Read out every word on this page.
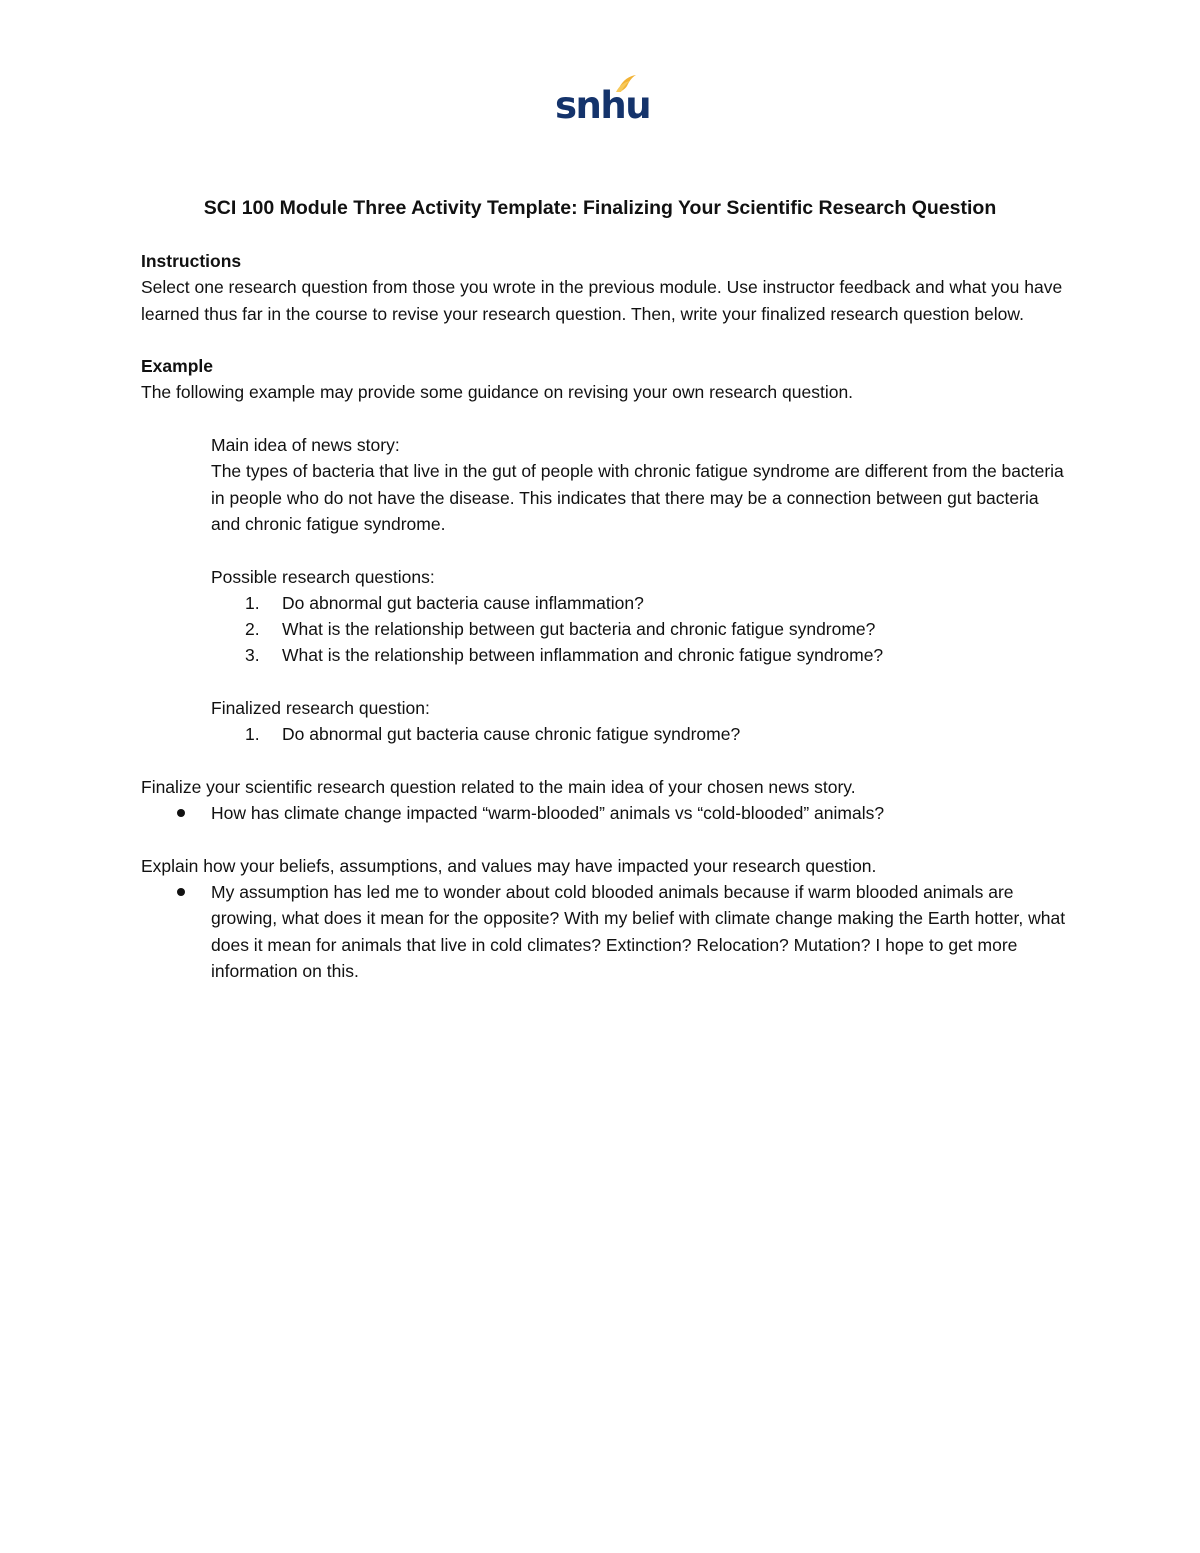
snhu
SCI 100 Module Three Activity Template: Finalizing Your Scientific Research Question

Instructions

Select one research question from those you wrote in the previous module. Use instructor feedback and what you have learned thus far in the course to revise your research question. Then, write your finalized research question below.

Example

The following example may provide some guidance on revising your own research question.

Main idea of news story:

The types of bacteria that live in the gut of people with chronic fatigue syndrome are different from the bacteria in people who do not have the disease. This indicates that there may be a connection between gut bacteria and chronic fatigue syndrome.

Possible research questions:

1. Do abnormal gut bacteria cause inflammation?
2. What is the relationship between gut bacteria and chronic fatigue syndrome?
3. What is the relationship between inflammation and chronic fatigue syndrome?

Finalized research question:

1. Do abnormal gut bacteria cause chronic fatigue syndrome?

Finalize your scientific research question related to the main idea of your chosen news story.

How has climate change impacted “warm-blooded” animals vs “cold-blooded” animals?

Explain how your beliefs, assumptions, and values may have impacted your research question.

My assumption has led me to wonder about cold blooded animals because if warm blooded animals are growing, what does it mean for the opposite? With my belief with climate change making the Earth hotter, what does it mean for animals that live in cold climates? Extinction? Relocation? Mutation? I hope to get more information on this.
